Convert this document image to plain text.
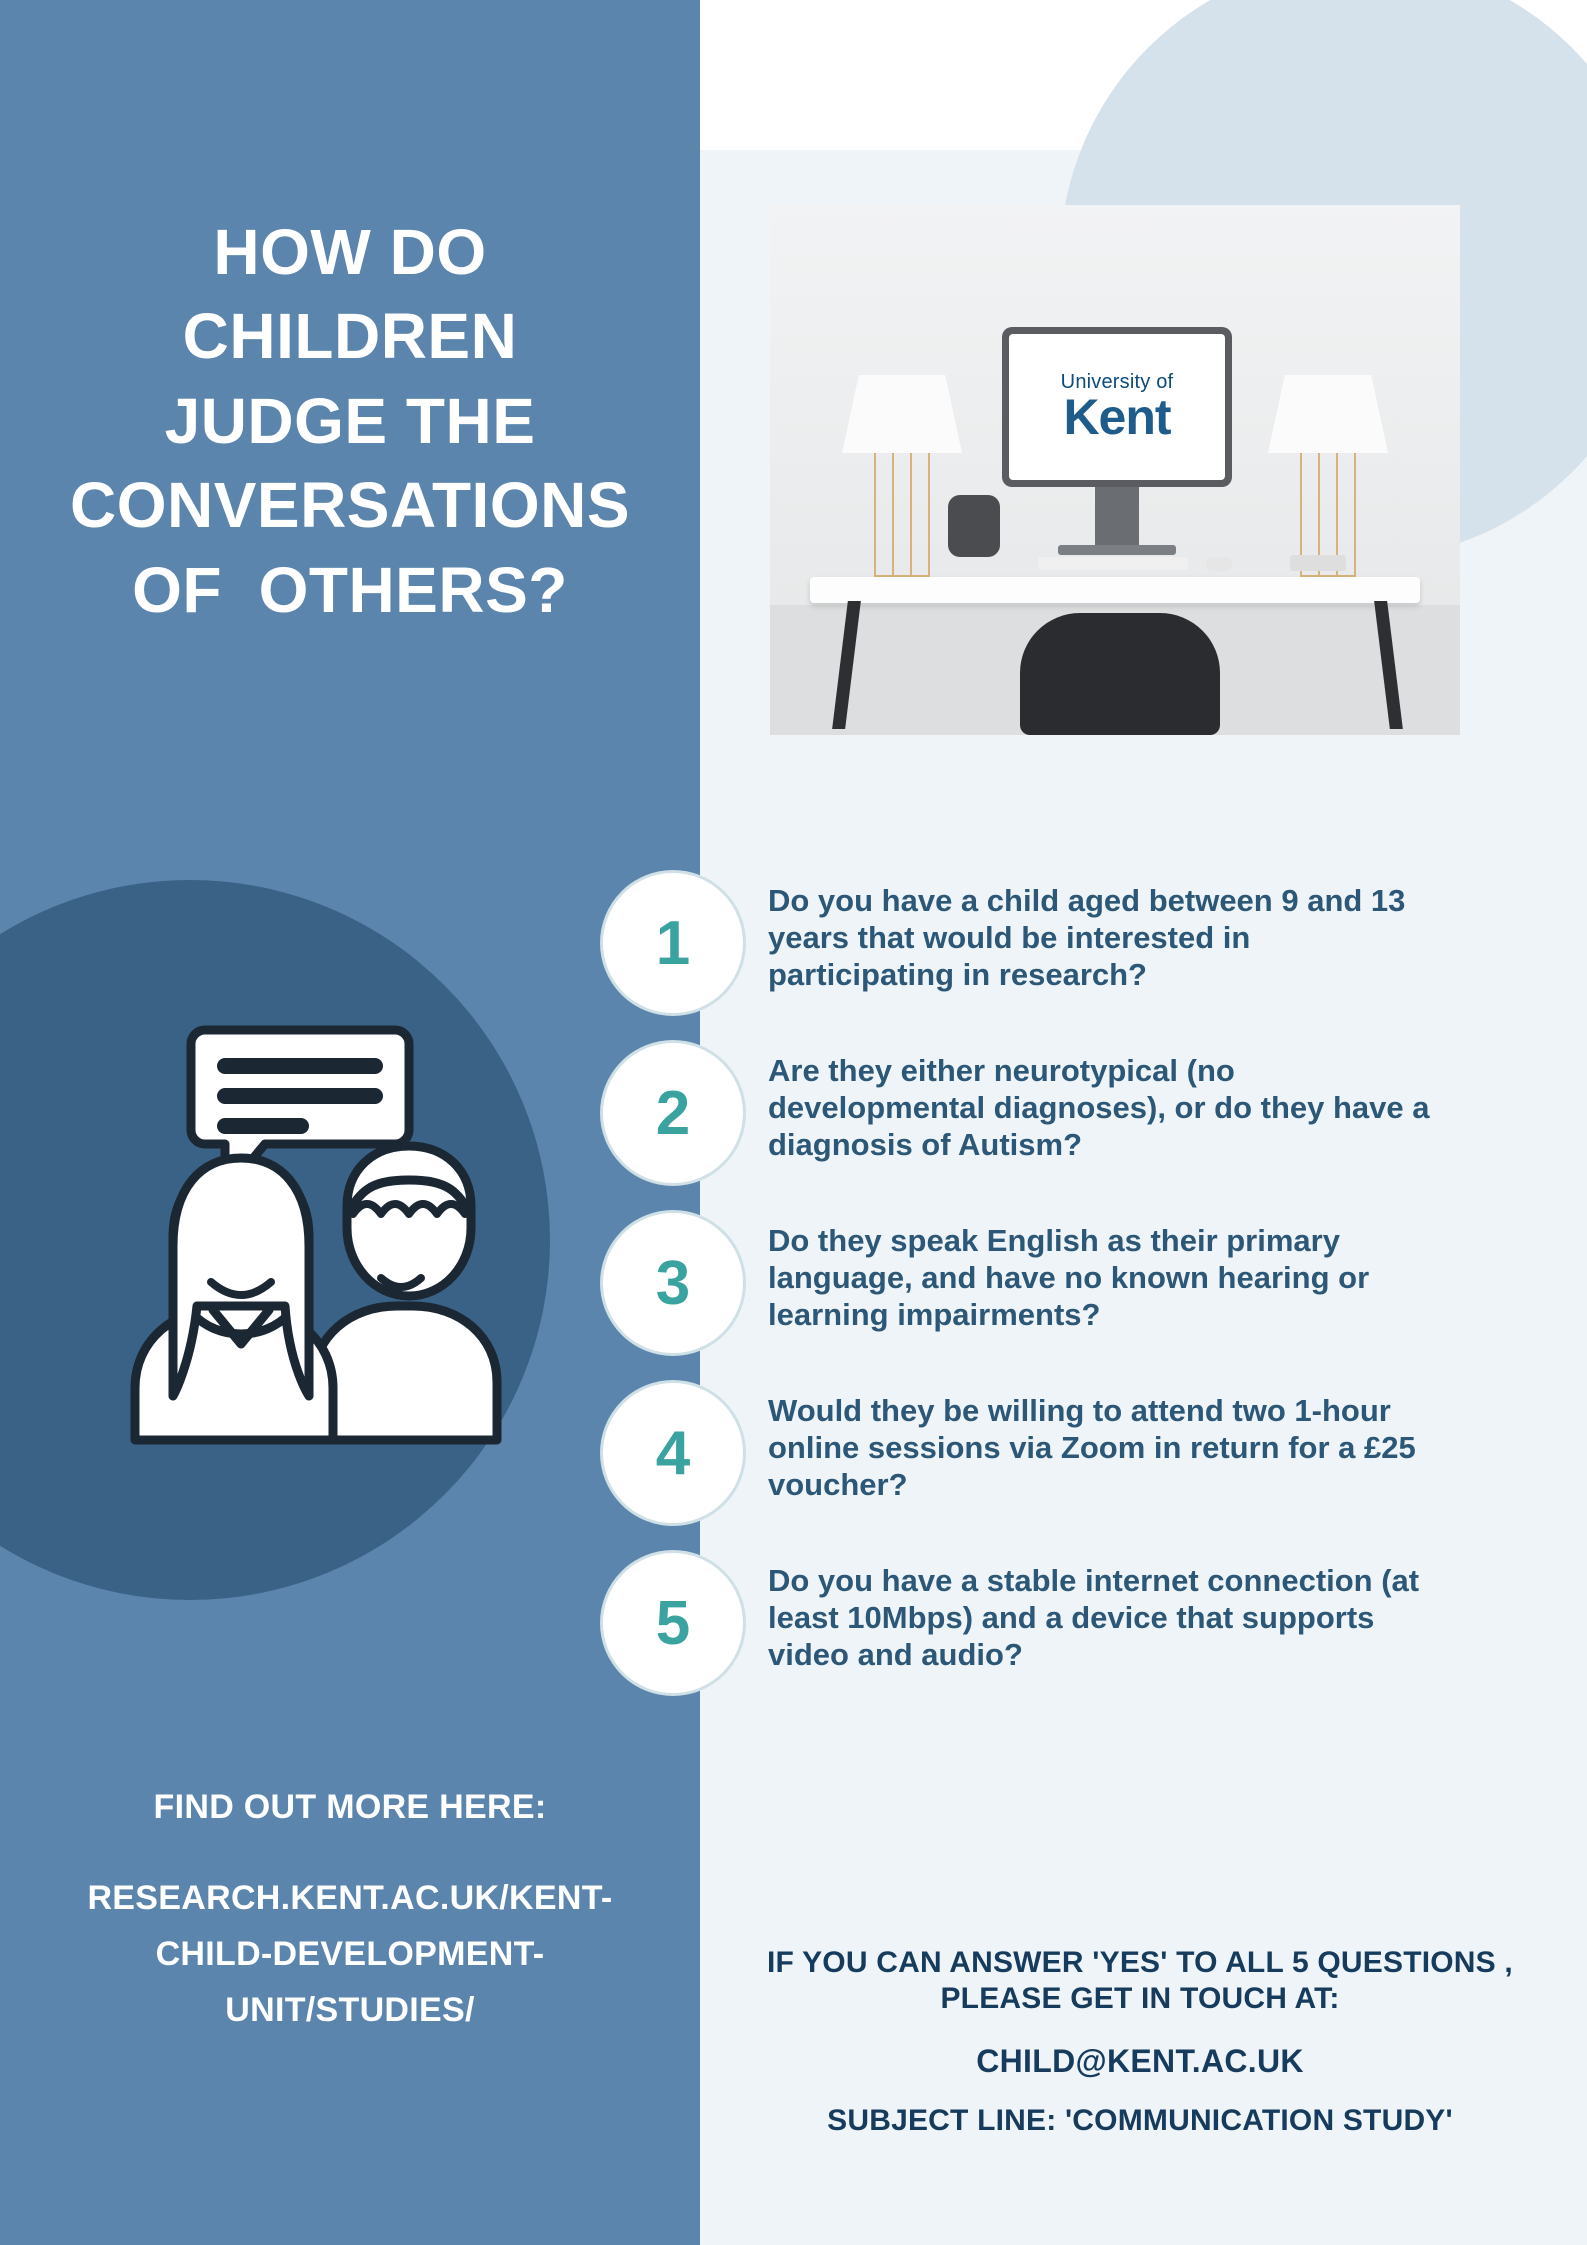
HOW DO
CHILDREN
JUDGE THE
CONVERSATIONS
OF  OTHERS?
University of
Kent
1
Do you have a child aged between 9 and 13 years that would be interested in participating in research?
2
Are they either neurotypical (no developmental diagnoses), or do they have a diagnosis of Autism?
3
Do they speak English as their primary language, and have no known hearing or learning impairments?
4
Would they be willing to attend two 1-hour online sessions via Zoom in return for a £25 voucher?
5
Do you have a stable internet connection (at least 10Mbps) and a device that supports video and audio?
FIND OUT MORE HERE:
RESEARCH.KENT.AC.UK/KENT-
CHILD-DEVELOPMENT-
UNIT/STUDIES/
IF YOU CAN ANSWER 'YES' TO ALL 5 QUESTIONS ,
PLEASE GET IN TOUCH AT:
CHILD@KENT.AC.UK
SUBJECT LINE: 'COMMUNICATION STUDY'
